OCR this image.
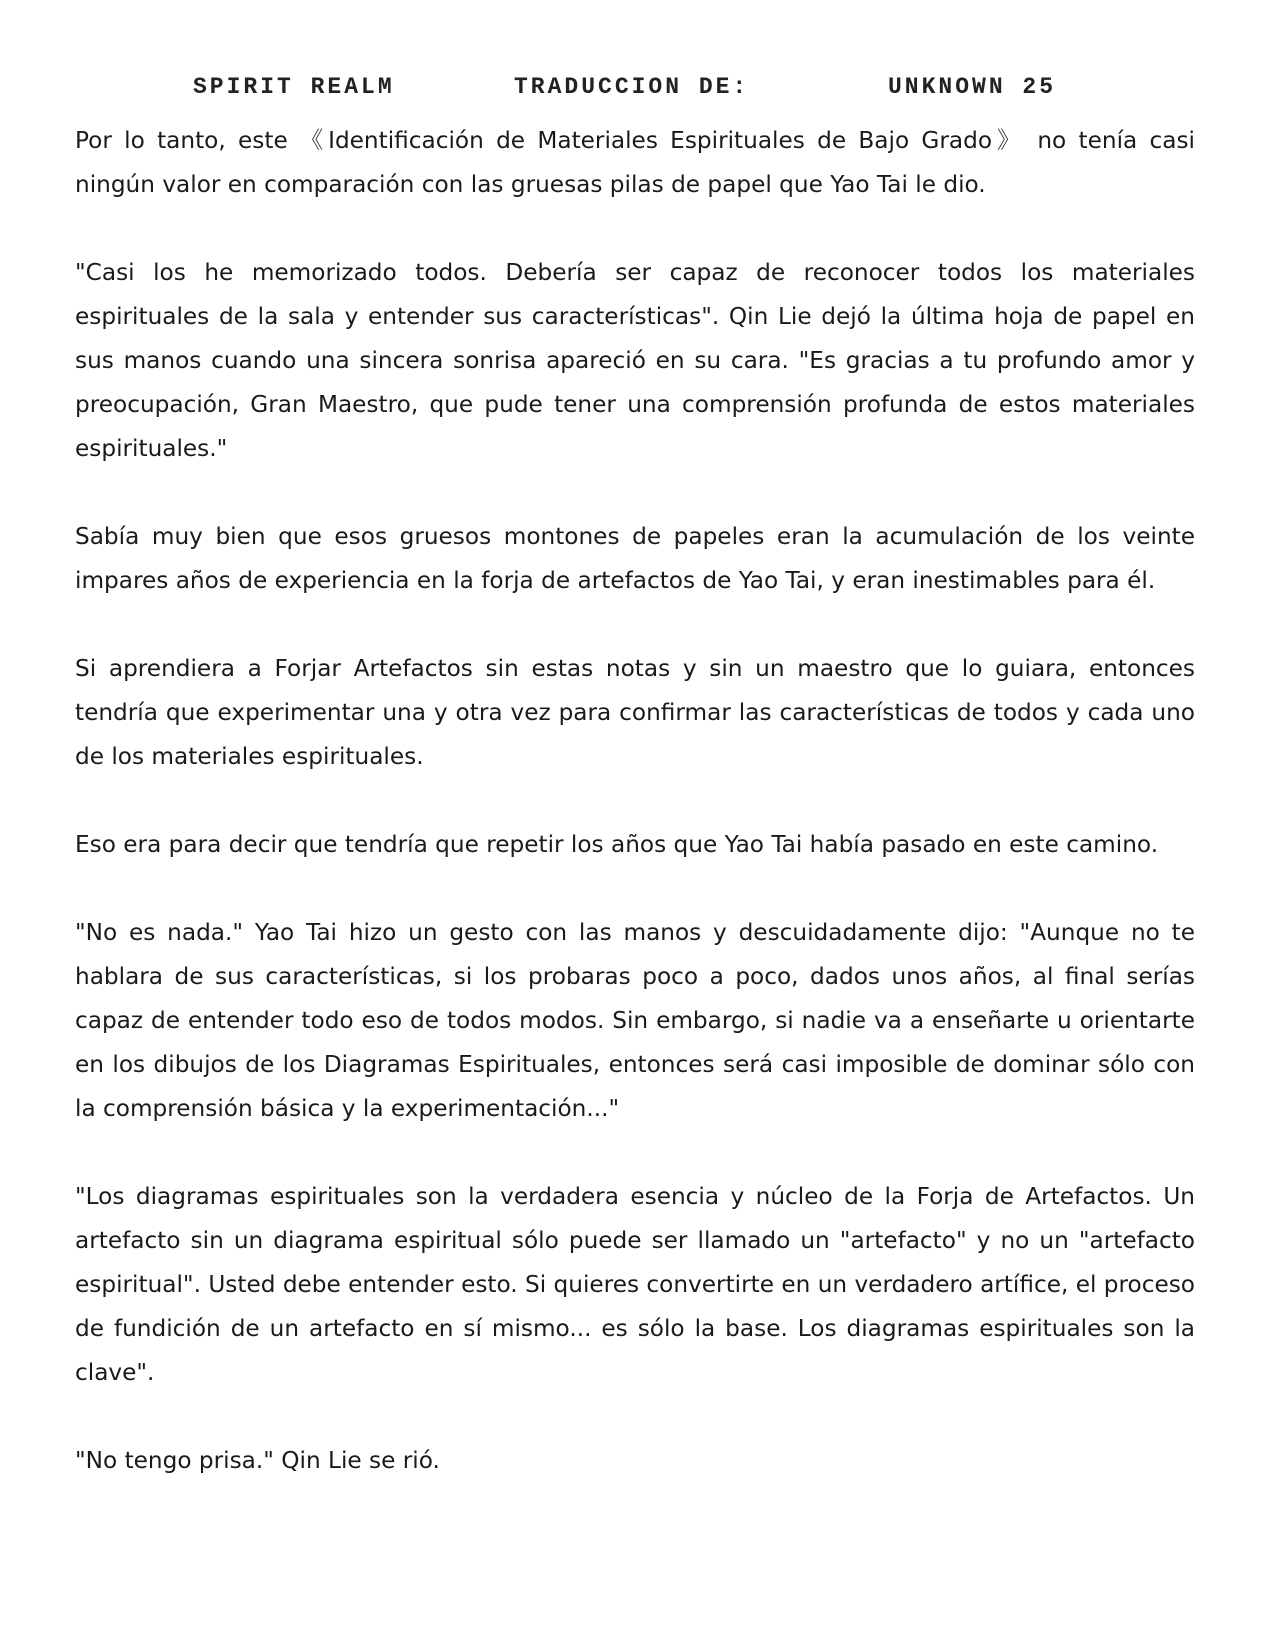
SPIRIT REALM	TRADUCCION DE:	UNKNOWN 25

Por lo tanto, este 《Identificación de Materiales Espirituales de Bajo Grado》 no tenía casi ningún valor en comparación con las gruesas pilas de papel que Yao Tai le dio.

"Casi los he memorizado todos. Debería ser capaz de reconocer todos los materiales espirituales de la sala y entender sus características". Qin Lie dejó la última hoja de papel en sus manos cuando una sincera sonrisa apareció en su cara. "Es gracias a tu profundo amor y preocupación, Gran Maestro, que pude tener una comprensión profunda de estos materiales espirituales."

Sabía muy bien que esos gruesos montones de papeles eran la acumulación de los veinte impares años de experiencia en la forja de artefactos de Yao Tai, y eran inestimables para él.

Si aprendiera a Forjar Artefactos sin estas notas y sin un maestro que lo guiara, entonces tendría que experimentar una y otra vez para confirmar las características de todos y cada uno de los materiales espirituales.

Eso era para decir que tendría que repetir los años que Yao Tai había pasado en este camino.

"No es nada." Yao Tai hizo un gesto con las manos y descuidadamente dijo: "Aunque no te hablara de sus características, si los probaras poco a poco, dados unos años, al final serías capaz de entender todo eso de todos modos. Sin embargo, si nadie va a enseñarte u orientarte en los dibujos de los Diagramas Espirituales, entonces será casi imposible de dominar sólo con la comprensión básica y la experimentación..."

"Los diagramas espirituales son la verdadera esencia y núcleo de la Forja de Artefactos. Un artefacto sin un diagrama espiritual sólo puede ser llamado un "artefacto" y no un "artefacto espiritual". Usted debe entender esto. Si quieres convertirte en un verdadero artífice, el proceso de fundición de un artefacto en sí mismo... es sólo la base. Los diagramas espirituales son la clave".

"No tengo prisa." Qin Lie se rió.
